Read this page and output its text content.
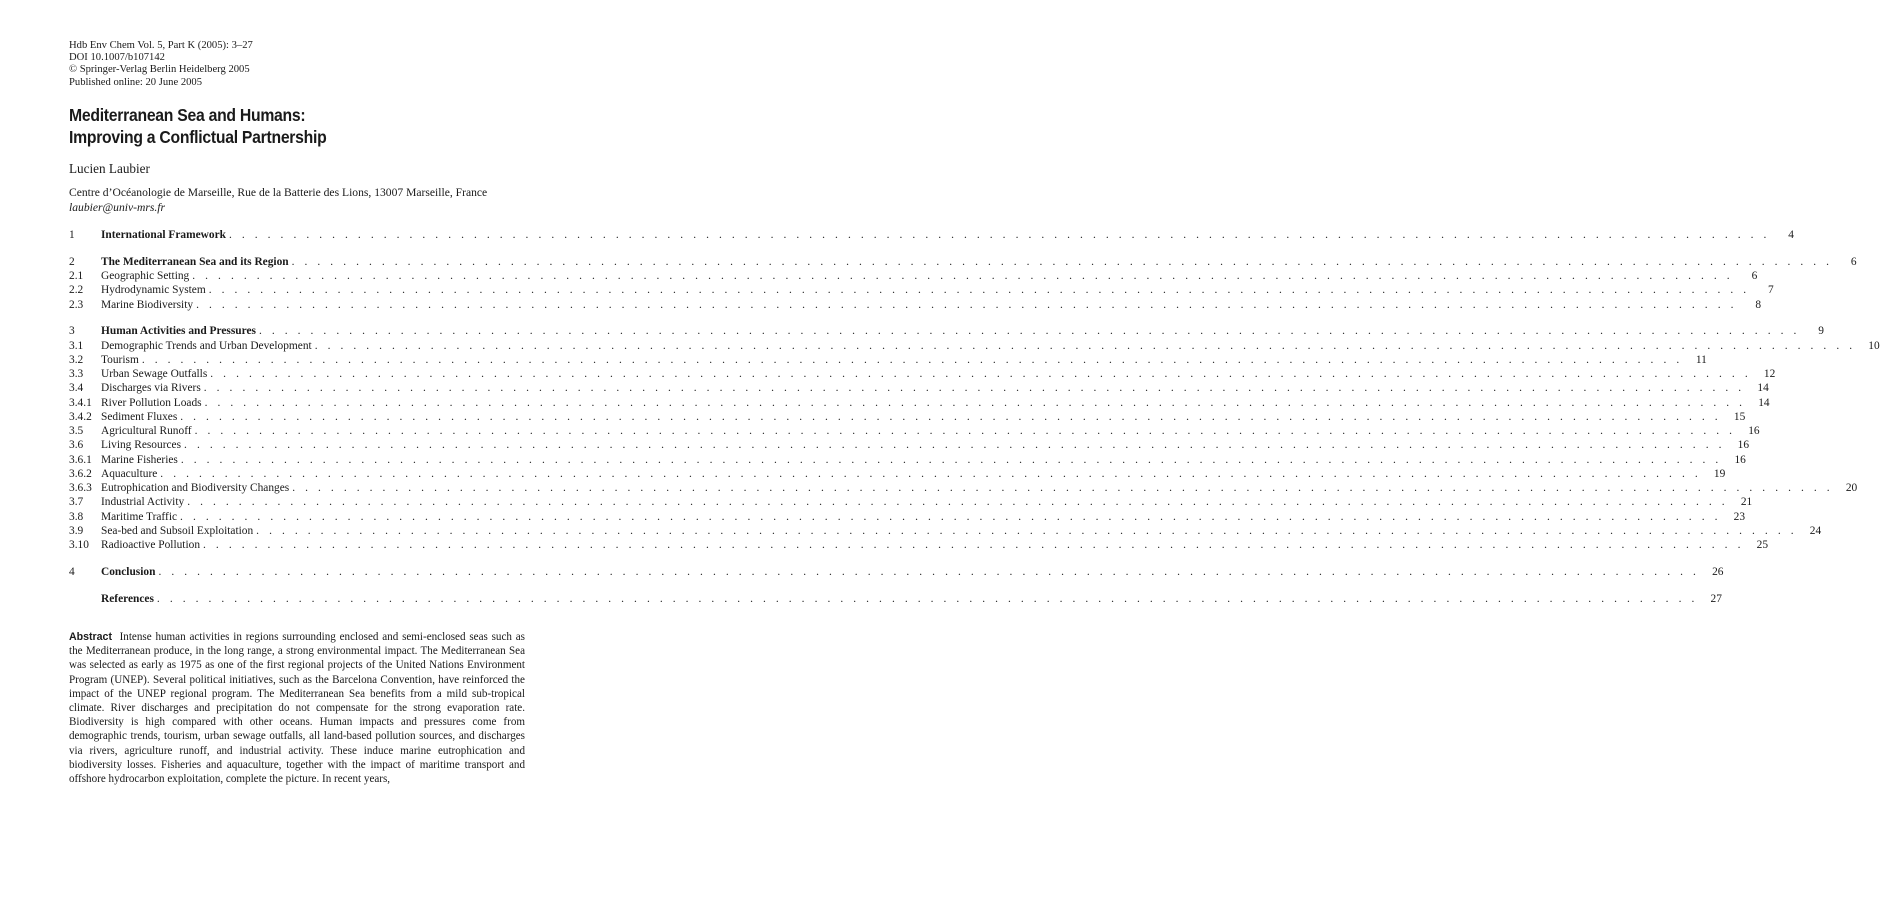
Hdb Env Chem Vol. 5, Part K (2005): 3–27
DOI 10.1007/b107142
© Springer-Verlag Berlin Heidelberg 2005
Published online: 20 June 2005
Mediterranean Sea and Humans:
Improving a Conflictual Partnership
Lucien Laubier
Centre d’Océanologie de Marseille, Rue de la Batterie des Lions, 13007 Marseille, France
laubier@univ-mrs.fr
1	International Framework . . . . . . . . . . . . . . . . . . . . . . . . . . . . . . . . . . . . . . . . . . . . . . . . . . . . . . . . . . . . . . . . . . . . . . . . . . . . . . . . . . . . . . . . . . . . . . . . . . . . . . . . . . . . . . . . . . . . . . . .	4
2	The Mediterranean Sea and its Region . . . . . . . . . . . . . . . . . . . . . . . . . . . . . . . . . . . . . . . . . . . . . . . . . . . . . . . . . . . . . . . . . . . . . . . . . . . . . . . . . . . . . . . . . . . . . . . . . . . . . . . . . . . . . . . . . . . . . . . .	6
2.1	Geographic Setting . . . . . . . . . . . . . . . . . . . . . . . . . . . . . . . . . . . . . . . . . . . . . . . . . . . . . . . . . . . . . . . . . . . . . . . . . . . . . . . . . . . . . . . . . . . . . . . . . . . . . . . . . . . . . . . . . . . . . . . .	6
2.2	Hydrodynamic System . . . . . . . . . . . . . . . . . . . . . . . . . . . . . . . . . . . . . . . . . . . . . . . . . . . . . . . . . . . . . . . . . . . . . . . . . . . . . . . . . . . . . . . . . . . . . . . . . . . . . . . . . . . . . . . . . . . . . . . .	7
2.3	Marine Biodiversity . . . . . . . . . . . . . . . . . . . . . . . . . . . . . . . . . . . . . . . . . . . . . . . . . . . . . . . . . . . . . . . . . . . . . . . . . . . . . . . . . . . . . . . . . . . . . . . . . . . . . . . . . . . . . . . . . . . . . . . .	8
3	Human Activities and Pressures . . . . . . . . . . . . . . . . . . . . . . . . . . . . . . . . . . . . . . . . . . . . . . . . . . . . . . . . . . . . . . . . . . . . . . . . . . . . . . . . . . . . . . . . . . . . . . . . . . . . . . . . . . . . . . . . . . . . . . . .	9
3.1	Demographic Trends and Urban Development . . . . . . . . . . . . . . . . . . . . . . . . . . . . . . . . . . . . . . . . . . . . . . . . . . . . . . . . . . . . . . . . . . . . . . . . . . . . . . . . . . . . . . . . . . . . . . . . . . . . . . . . . . . . . . . . . . . . . . . .	10
3.2	Tourism . . . . . . . . . . . . . . . . . . . . . . . . . . . . . . . . . . . . . . . . . . . . . . . . . . . . . . . . . . . . . . . . . . . . . . . . . . . . . . . . . . . . . . . . . . . . . . . . . . . . . . . . . . . . . . . . . . . . . . . .	11
3.3	Urban Sewage Outfalls . . . . . . . . . . . . . . . . . . . . . . . . . . . . . . . . . . . . . . . . . . . . . . . . . . . . . . . . . . . . . . . . . . . . . . . . . . . . . . . . . . . . . . . . . . . . . . . . . . . . . . . . . . . . . . . . . . . . . . . .	12
3.4	Discharges via Rivers . . . . . . . . . . . . . . . . . . . . . . . . . . . . . . . . . . . . . . . . . . . . . . . . . . . . . . . . . . . . . . . . . . . . . . . . . . . . . . . . . . . . . . . . . . . . . . . . . . . . . . . . . . . . . . . . . . . . . . . .	14
3.4.1 River Pollution Loads . . . . . . . . . . . . . . . . . . . . . . . . . . . . . . . . . . . . . . . . . . . . . . . . . . . . . . . . . . . . . . . . . . . . . . . . . . . . . . . . . . . . . . . . . . . . . . . . . . . . . . . . . . . . . . . . . . . . . . . .	14
3.4.2 Sediment Fluxes . . . . . . . . . . . . . . . . . . . . . . . . . . . . . . . . . . . . . . . . . . . . . . . . . . . . . . . . . . . . . . . . . . . . . . . . . . . . . . . . . . . . . . . . . . . . . . . . . . . . . . . . . . . . . . . . . . . . . . . .	15
3.5	Agricultural Runoff . . . . . . . . . . . . . . . . . . . . . . . . . . . . . . . . . . . . . . . . . . . . . . . . . . . . . . . . . . . . . . . . . . . . . . . . . . . . . . . . . . . . . . . . . . . . . . . . . . . . . . . . . . . . . . . . . . . . . . . .	16
3.6	Living Resources . . . . . . . . . . . . . . . . . . . . . . . . . . . . . . . . . . . . . . . . . . . . . . . . . . . . . . . . . . . . . . . . . . . . . . . . . . . . . . . . . . . . . . . . . . . . . . . . . . . . . . . . . . . . . . . . . . . . . . . .	16
3.6.1 Marine Fisheries . . . . . . . . . . . . . . . . . . . . . . . . . . . . . . . . . . . . . . . . . . . . . . . . . . . . . . . . . . . . . . . . . . . . . . . . . . . . . . . . . . . . . . . . . . . . . . . . . . . . . . . . . . . . . . . . . . . . . . . .	16
3.6.2 Aquaculture . . . . . . . . . . . . . . . . . . . . . . . . . . . . . . . . . . . . . . . . . . . . . . . . . . . . . . . . . . . . . . . . . . . . . . . . . . . . . . . . . . . . . . . . . . . . . . . . . . . . . . . . . . . . . . . . . . . . . . . .	19
3.6.3 Eutrophication and Biodiversity Changes . . . . . . . . . . . . . . . . . . . . . . . . . . . . . . . . . . . . . . . . . . . . . . . . . . . . . . . . . . . . . . . . . . . . . . . . . . . . . . . . . . . . . . . . . . . . . . . . . . . . . . . . . . . . . . . . . . . . . . . .	20
3.7	Industrial Activity . . . . . . . . . . . . . . . . . . . . . . . . . . . . . . . . . . . . . . . . . . . . . . . . . . . . . . . . . . . . . . . . . . . . . . . . . . . . . . . . . . . . . . . . . . . . . . . . . . . . . . . . . . . . . . . . . . . . . . . .	21
3.8	Maritime Traffic . . . . . . . . . . . . . . . . . . . . . . . . . . . . . . . . . . . . . . . . . . . . . . . . . . . . . . . . . . . . . . . . . . . . . . . . . . . . . . . . . . . . . . . . . . . . . . . . . . . . . . . . . . . . . . . . . . . . . . . .	23
3.9	Sea-bed and Subsoil Exploitation . . . . . . . . . . . . . . . . . . . . . . . . . . . . . . . . . . . . . . . . . . . . . . . . . . . . . . . . . . . . . . . . . . . . . . . . . . . . . . . . . . . . . . . . . . . . . . . . . . . . . . . . . . . . . . . . . . . . . . . .	24
3.10	Radioactive Pollution . . . . . . . . . . . . . . . . . . . . . . . . . . . . . . . . . . . . . . . . . . . . . . . . . . . . . . . . . . . . . . . . . . . . . . . . . . . . . . . . . . . . . . . . . . . . . . . . . . . . . . . . . . . . . . . . . . . . . . . .	25
4	Conclusion . . . . . . . . . . . . . . . . . . . . . . . . . . . . . . . . . . . . . . . . . . . . . . . . . . . . . . . . . . . . . . . . . . . . . . . . . . . . . . . . . . . . . . . . . . . . . . . . . . . . . . . . . . . . . . . . . . . . . . . .	26
References . . . . . . . . . . . . . . . . . . . . . . . . . . . . . . . . . . . . . . . . . . . . . . . . . . . . . . . . . . . . . . . . . . . . . . . . . . . . . . . . . . . . . . . . . . . . . . . . . . . . . . . . . . . . . . . . . . . . . . . .	27
Abstract Intense human activities in regions surrounding enclosed and semi-enclosed seas such as the Mediterranean produce, in the long range, a strong environmental impact. The Mediterranean Sea was selected as early as 1975 as one of the first regional projects of the United Nations Environment Program (UNEP). Several political initiatives, such as the Barcelona Convention, have reinforced the impact of the UNEP regional program. The Mediterranean Sea benefits from a mild sub-tropical climate. River discharges and precipitation do not compensate for the strong evaporation rate. Biodiversity is high compared with other oceans. Human impacts and pressures come from demographic trends, tourism, urban sewage outfalls, all land-based pollution sources, and discharges via rivers, agriculture runoff, and industrial activity. These induce marine eutrophication and biodiversity losses. Fisheries and aquaculture, together with the impact of maritime transport and offshore hydrocarbon exploitation, complete the picture. In recent years,
